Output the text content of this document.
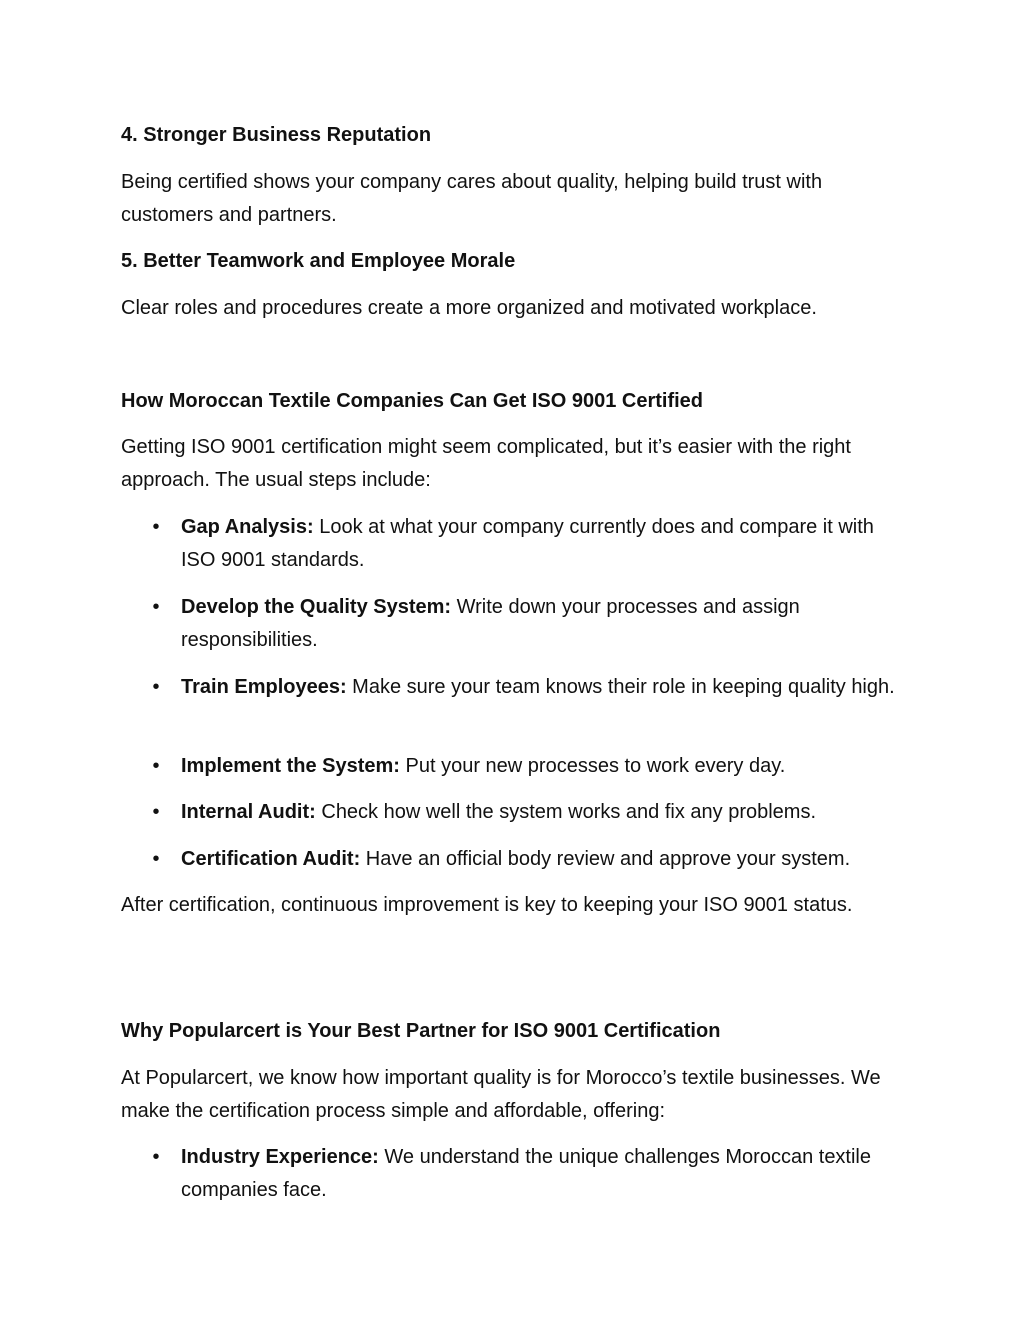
4. Stronger Business Reputation

Being certified shows your company cares about quality, helping build trust with customers and partners.

5. Better Teamwork and Employee Morale

Clear roles and procedures create a more organized and motivated workplace.

How Moroccan Textile Companies Can Get ISO 9001 Certified

Getting ISO 9001 certification might seem complicated, but it’s easier with the right approach. The usual steps include:

• Gap Analysis: Look at what your company currently does and compare it with ISO 9001 standards.
• Develop the Quality System: Write down your processes and assign responsibilities.
• Train Employees: Make sure your team knows their role in keeping quality high.
• Implement the System: Put your new processes to work every day.
• Internal Audit: Check how well the system works and fix any problems.
• Certification Audit: Have an official body review and approve your system.

After certification, continuous improvement is key to keeping your ISO 9001 status.

Why Popularcert is Your Best Partner for ISO 9001 Certification

At Popularcert, we know how important quality is for Morocco’s textile businesses. We make the certification process simple and affordable, offering:

• Industry Experience: We understand the unique challenges Moroccan textile companies face.
